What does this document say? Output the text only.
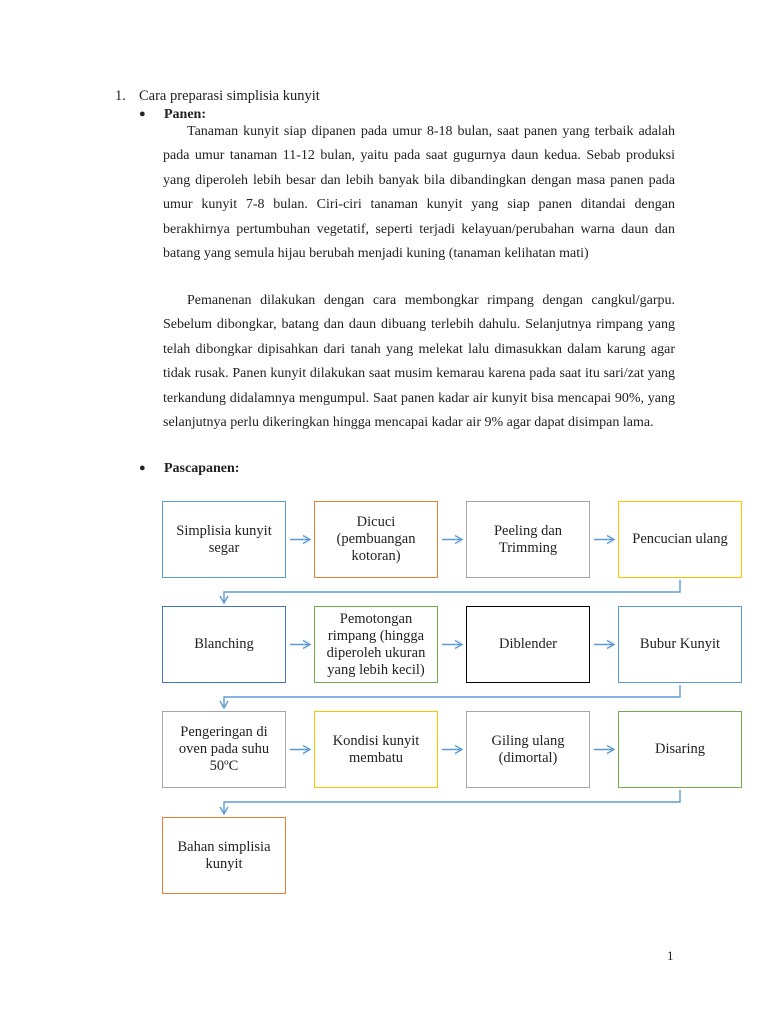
1. Cara preparasi simplisia kunyit
● Panen:

Tanaman kunyit siap dipanen pada umur 8-18 bulan, saat panen yang terbaik adalah pada umur tanaman 11-12 bulan, yaitu pada saat gugurnya daun kedua. Sebab produksi yang diperoleh lebih besar dan lebih banyak bila dibandingkan dengan masa panen pada umur kunyit 7-8 bulan. Ciri-ciri tanaman kunyit yang siap panen ditandai dengan berakhirnya pertumbuhan vegetatif, seperti terjadi kelayuan/perubahan warna daun dan batang yang semula hijau berubah menjadi kuning (tanaman kelihatan mati)

Pemanenan dilakukan dengan cara membongkar rimpang dengan cangkul/garpu. Sebelum dibongkar, batang dan daun dibuang terlebih dahulu. Selanjutnya rimpang yang telah dibongkar dipisahkan dari tanah yang melekat lalu dimasukkan dalam karung agar tidak rusak. Panen kunyit dilakukan saat musim kemarau karena pada saat itu sari/zat yang terkandung didalamnya mengumpul. Saat panen kadar air kunyit bisa mencapai 90%, yang selanjutnya perlu dikeringkan hingga mencapai kadar air 9% agar dapat disimpan lama.

● Pascapanen:
Simplisia kunyit segar
Dicuci (pembuangan kotoran)
Peeling dan Trimming
Pencucian ulang
Blanching
Pemotongan rimpang (hingga diperoleh ukuran yang lebih kecil)
Diblender	Bubur Kunyit
Pengeringan di oven pada suhu 50ºC
Kondisi kunyit membatu
Giling ulang (dimortal)
Disaring
Bahan simplisia kunyit
1
